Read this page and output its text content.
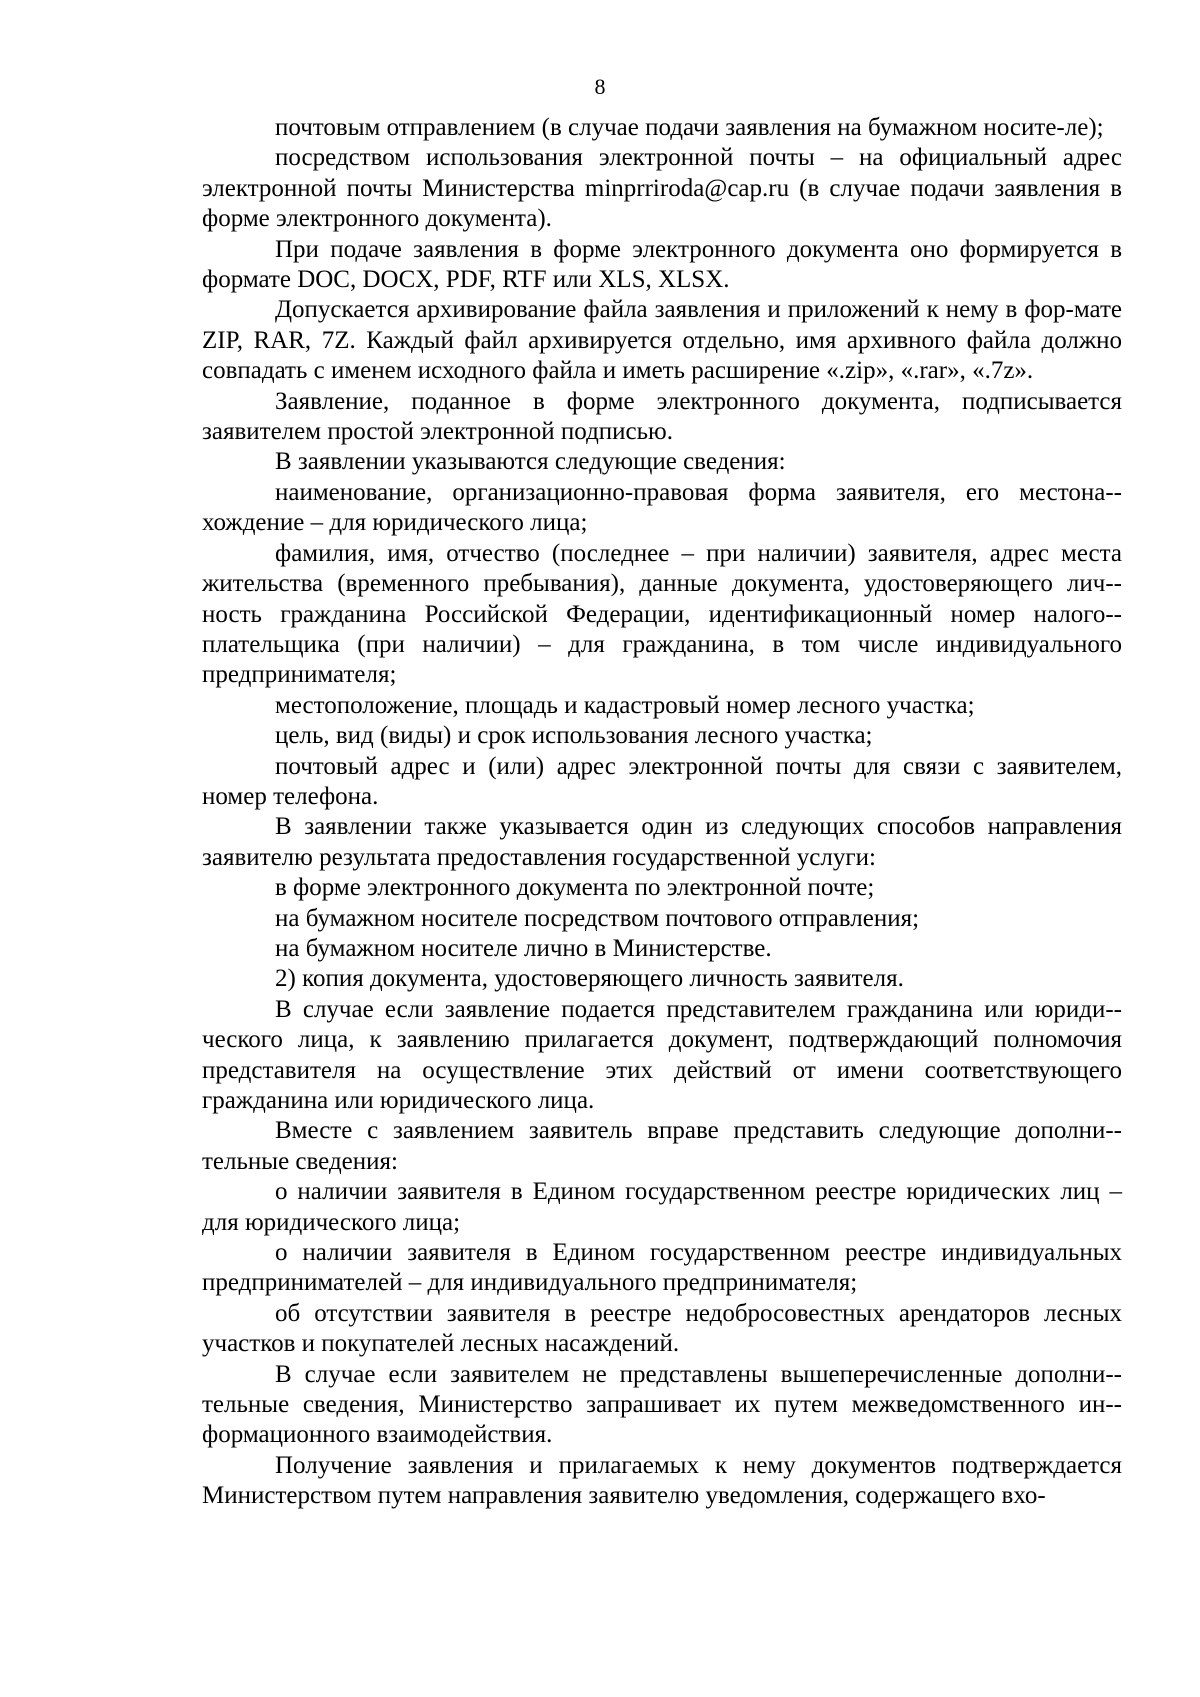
8

почтовым отправлением (в случае подачи заявления на бумажном носите-ле);

посредством использования электронной почты – на официальный адрес электронной почты Министерства minprriroda@cap.ru (в случае подачи заявления в форме электронного документа).

При подаче заявления в форме электронного документа оно формируется в формате DOC, DOCX, PDF, RTF или XLS, XLSX.

Допускается архивирование файла заявления и приложений к нему в фор-мате ZIP, RAR, 7Z. Каждый файл архивируется отдельно, имя архивного файла должно совпадать с именем исходного файла и иметь расширение «.zip», «.rar», «.7z».

Заявление, поданное в форме электронного документа, подписывается заявителем простой электронной подписью.

В заявлении указываются следующие сведения:

наименование, организационно-правовая форма заявителя, его местона-хождение – для юридического лица;

фамилия, имя, отчество (последнее – при наличии) заявителя, адрес места жительства (временного пребывания), данные документа, удостоверяющего лич-ность гражданина Российской Федерации, идентификационный номер налого-плательщика (при наличии) – для гражданина, в том числе индивидуального предпринимателя;

местоположение, площадь и кадастровый номер лесного участка;

цель, вид (виды) и срок использования лесного участка;

почтовый адрес и (или) адрес электронной почты для связи с заявителем, номер телефона.

В заявлении также указывается один из следующих способов направления заявителю результата предоставления государственной услуги:

в форме электронного документа по электронной почте;

на бумажном носителе посредством почтового отправления;

на бумажном носителе лично в Министерстве.

2) копия документа, удостоверяющего личность заявителя.

В случае если заявление подается представителем гражданина или юриди-ческого лица, к заявлению прилагается документ, подтверждающий полномочия представителя на осуществление этих действий от имени соответствующего гражданина или юридического лица.

Вместе с заявлением заявитель вправе представить следующие дополни-тельные сведения:

о наличии заявителя в Едином государственном реестре юридических лиц – для юридического лица;

о наличии заявителя в Едином государственном реестре индивидуальных предпринимателей – для индивидуального предпринимателя;

об отсутствии заявителя в реестре недобросовестных арендаторов лесных участков и покупателей лесных насаждений.

В случае если заявителем не представлены вышеперечисленные дополни-тельные сведения, Министерство запрашивает их путем межведомственного ин-формационного взаимодействия.

Получение заявления и прилагаемых к нему документов подтверждается Министерством путем направления заявителю уведомления, содержащего вхо-
